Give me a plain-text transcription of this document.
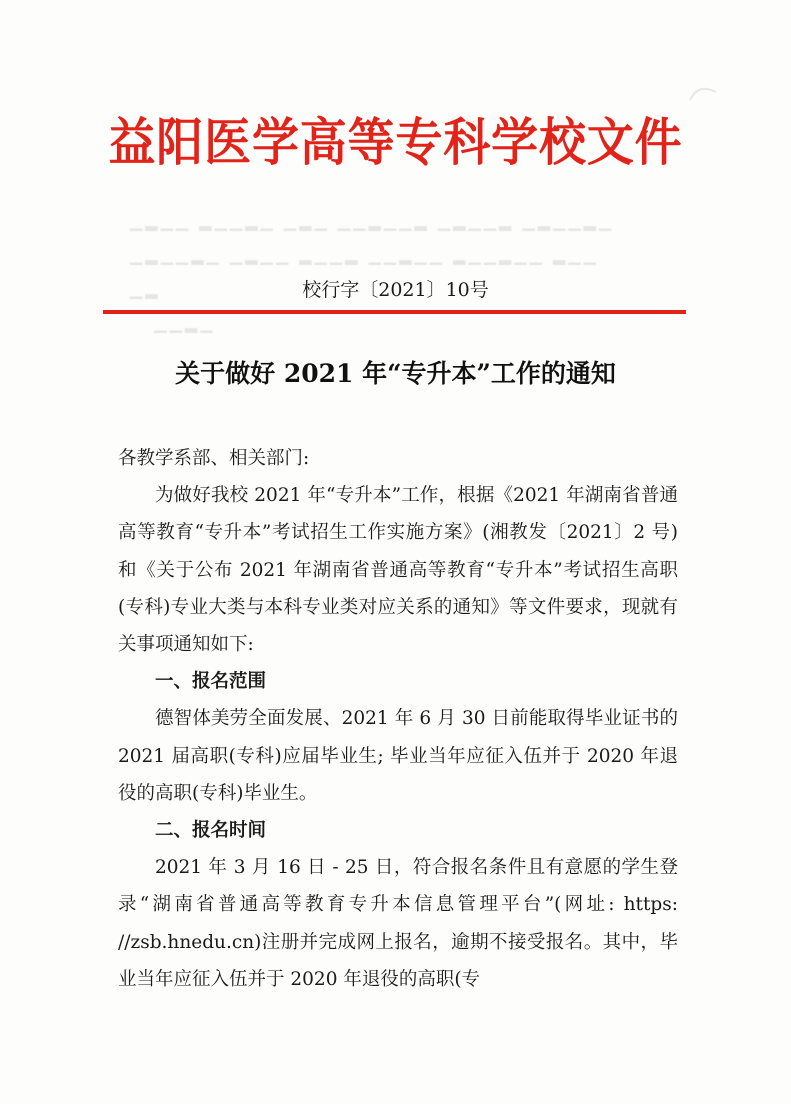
▁▂▁▁ ▂▁▁▂▁ ▁▂▁ ▁▁▂▁▁▂ ▁▂▁▁▂ ▁▂▁▁▂▁
▁▂▁▁▂▁ ▁▂▁▁ ▂▁▁▂ ▁▁▂▁▁ ▂▁▁▂▁▁ ▂▁▁
▁▂
▁▁▂▁
益阳医学高等专科学校文件
校行字〔2021〕10号
关于做好 2021 年“专升本”工作的通知

各教学系部、相关部门:

为做好我校 2021 年“专升本”工作，根据《2021 年湖南省普通高等教育“专升本”考试招生工作实施方案》(湘教发〔2021〕2 号)和《关于公布 2021 年湖南省普通高等教育“专升本”考试招生高职(专科)专业大类与本科专业类对应关系的通知》等文件要求，现就有关事项通知如下:

一、报名范围

德智体美劳全面发展、2021 年 6 月 30 日前能取得毕业证书的 2021 届高职(专科)应届毕业生; 毕业当年应征入伍并于 2020 年退役的高职(专科)毕业生。

二、报名时间

2021 年 3 月 16 日 - 25 日，符合报名条件且有意愿的学生登录“湖南省普通高等教育专升本信息管理平台”(网址: https: //zsb.hnedu.cn)注册并完成网上报名，逾期不接受报名。其中，毕业当年应征入伍并于 2020 年退役的高职(专
